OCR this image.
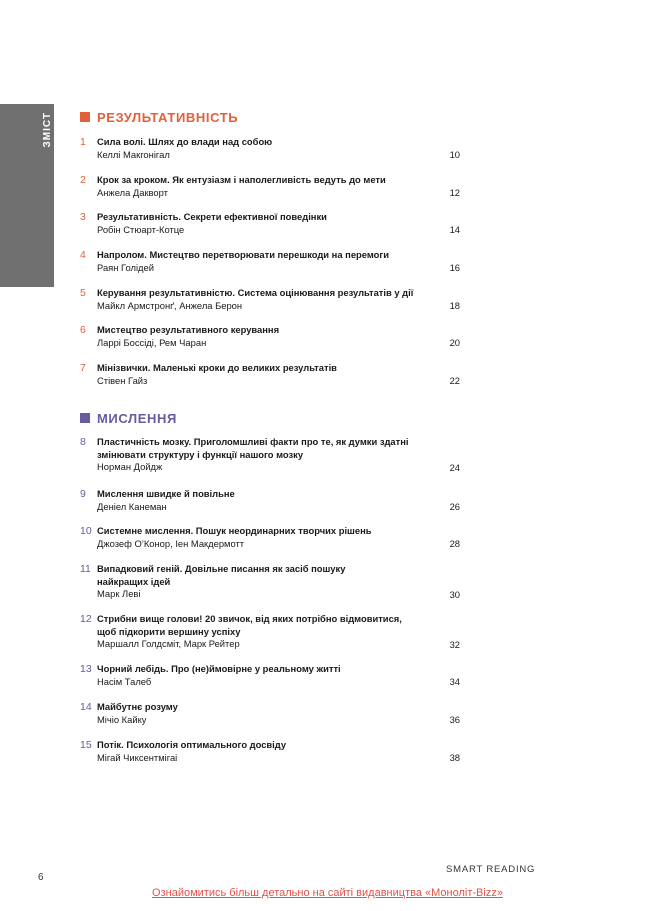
ЗМІСТ	РЕЗУЛЬТАТИВНІСТЬ
1 Сила волі. Шлях до влади над собою
Келлі Макгонігал	10
2 Крок за кроком. Як ентузіазм і наполегливість ведуть до мети
Анжела Дакворт	12
3 Результативність. Секрети ефективної поведінки
Робін Стюарт-Котце	14
4 Напролом. Мистецтво перетворювати перешкоди на перемоги
Раян Голідей	16
5 Керування результативністю. Система оцінювання результатів у дії
Майкл Армстронґ, Анжела Берон	18
6 Мистецтво результативного керування
Ларрі Боссіді, Рем Чаран	20
7 Мінізвички. Маленькі кроки до великих результатів
Стівен Гайз	22
МИСЛЕННЯ
8 Пластичність мозку. Приголомшливі факти про те, як думки здатні
змінювати структуру і функції нашого мозку
Норман Дойдж	24
9 Мислення швидке й повільне
Деніел Канеман	26
10 Системне мислення. Пошук неординарних творчих рішень
Джозеф О’Конор, Іен Макдермотт	28
11 Випадковий геній. Довільне писання як засіб пошуку
найкращих ідей
Марк Леві	30
12 Стрибни вище голови! 20 звичок, від яких потрібно відмовитися,
щоб підкорити вершину успіху
Маршалл Голдсміт, Марк Рейтер	32
13 Чорний лебідь. Про (не)ймовірне у реальному житті
Насім Талеб	34
14 Майбутнє розуму
Мічіо Кайку	36
15 Потік. Психологія оптимального досвіду
Мігай Чиксентмігаі	38
SMART READING
6
Ознайомитись більш детально на сайті видавництва «Моноліт-Bizz»
